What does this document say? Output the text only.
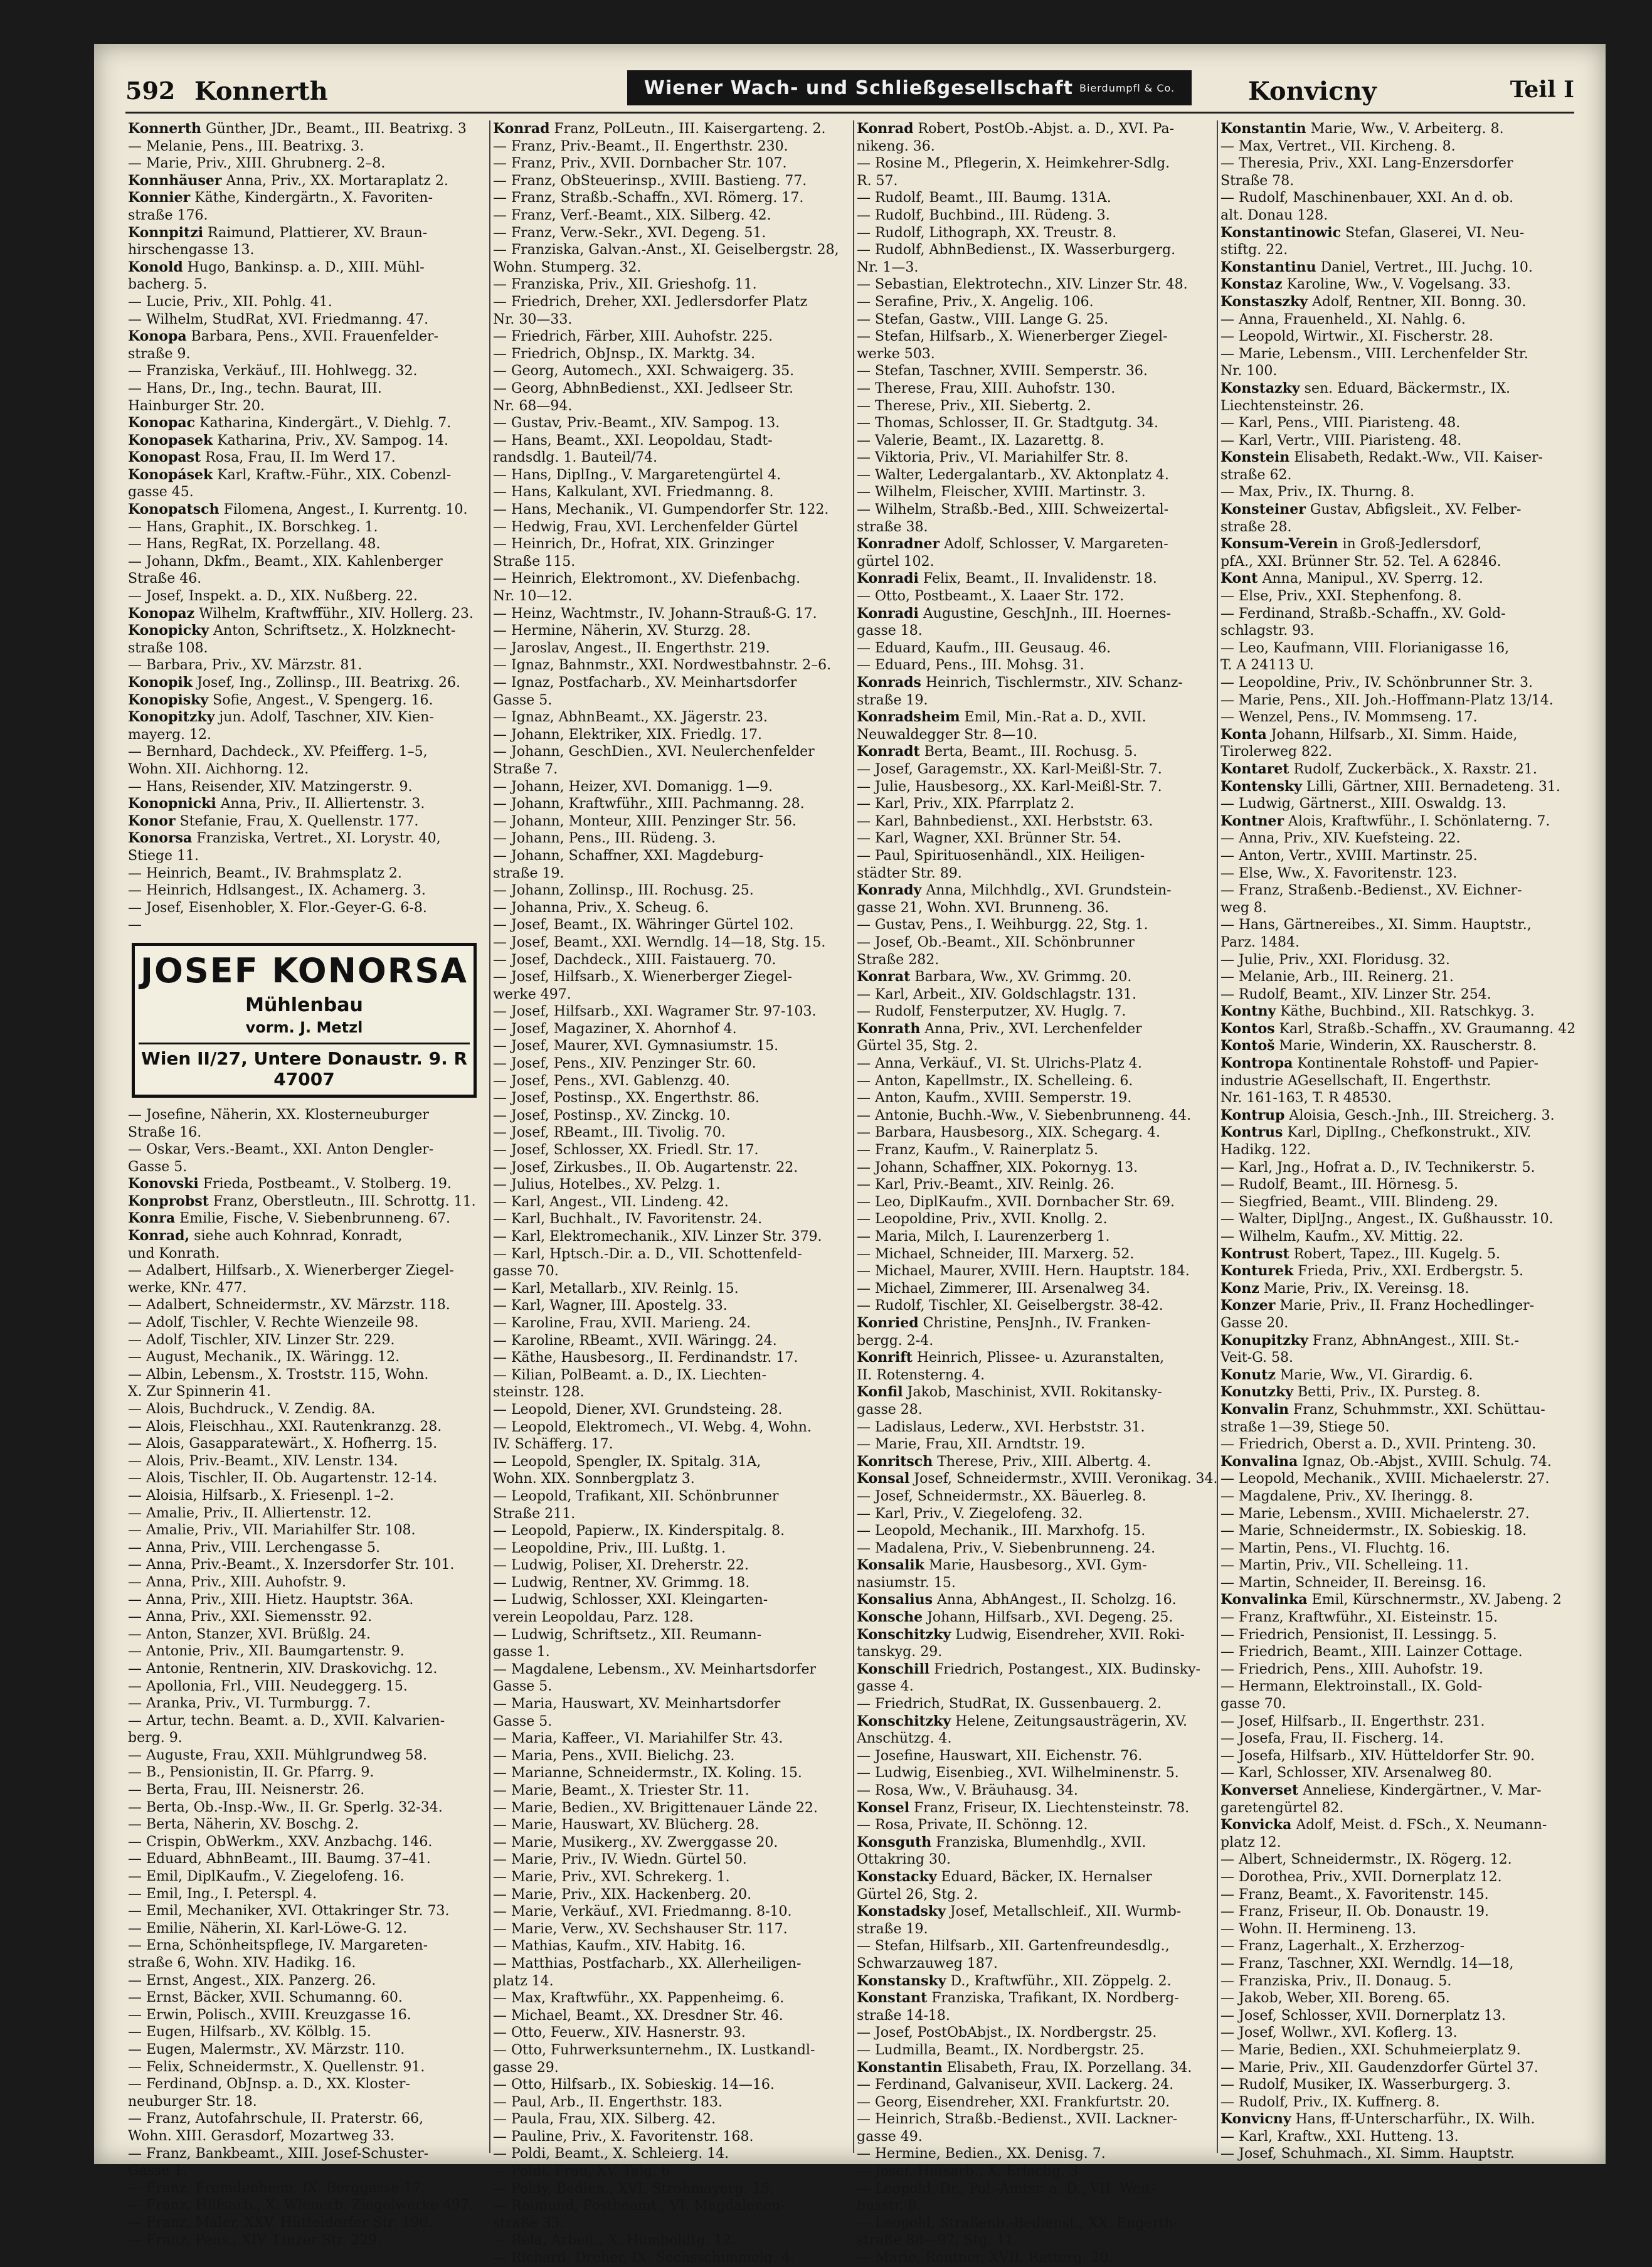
592 Konnerth	Wiener Wach- und Schließgesellschaft Bierdumpfl & Co.	Konvicny	Teil I
Konnerth Günther, JDr., Beamt., III. Beatrixg. 3
— Melanie, Pens., III. Beatrixg. 3.
— Marie, Priv., XIII. Ghrubnerg. 2–8.
Konnhäuser Anna, Priv., XX. Mortaraplatz 2.
Konnier Käthe, Kindergärtn., X. Favoriten-
straße 176.
Konnpitzi Raimund, Plattierer, XV. Braun-
hirschengasse 13.
Konold Hugo, Bankinsp. a. D., XIII. Mühl-
bacherg. 5.
— Lucie, Priv., XII. Pohlg. 41.
— Wilhelm, StudRat, XVI. Friedmanng. 47.
Konopa Barbara, Pens., XVII. Frauenfelder-
straße 9.
— Franziska, Verkäuf., III. Hohlwegg. 32.
— Hans, Dr., Ing., techn. Baurat, III.
Hainburger Str. 20.
Konopac Katharina, Kindergärt., V. Diehlg. 7.
Konopasek Katharina, Priv., XV. Sampog. 14.
Konopast Rosa, Frau, II. Im Werd 17.
Konopásek Karl, Kraftw.-Führ., XIX. Cobenzl-
gasse 45.
Konopatsch Filomena, Angest., I. Kurrentg. 10.
— Hans, Graphit., IX. Borschkeg. 1.
— Hans, RegRat, IX. Porzellang. 48.
— Johann, Dkfm., Beamt., XIX. Kahlenberger
Straße 46.
— Josef, Inspekt. a. D., XIX. Nußberg. 22.
Konopaz Wilhelm, Kraftwfführ., XIV. Hollerg. 23.
Konopicky Anton, Schriftsetz., X. Holzknecht-
straße 108.
— Barbara, Priv., XV. Märzstr. 81.
Konopik Josef, Ing., Zollinsp., III. Beatrixg. 26.
Konopisky Sofie, Angest., V. Spengerg. 16.
Konopitzky jun. Adolf, Taschner, XIV. Kien-
mayerg. 12.
— Bernhard, Dachdeck., XV. Pfeifferg. 1–5,
Wohn. XII. Aichhorng. 12.
— Hans, Reisender, XIV. Matzingerstr. 9.
Konopnicki Anna, Priv., II. Alliertenstr. 3.
Konor Stefanie, Frau, X. Quellenstr. 177.
Konorsa Franziska, Vertret., XI. Lorystr. 40,
Stiege 11.
— Heinrich, Beamt., IV. Brahmsplatz 2.
— Heinrich, Hdlsangest., IX. Achamerg. 3.
— Josef, Eisenhobler, X. Flor.-Geyer-G. 6-8.
—
JOSEF KONORSA
Mühlenbau
vorm. J. Metzl
Wien II/27, Untere Donaustr. 9. R 47007
— Josefine, Näherin, XX. Klosterneuburger
Straße 16.
— Oskar, Vers.-Beamt., XXI. Anton Dengler-
Gasse 5.
Konovski Frieda, Postbeamt., V. Stolberg. 19.
Konprobst Franz, Oberstleutn., III. Schrottg. 11.
Konra Emilie, Fische, V. Siebenbrunneng. 67.
Konrad, siehe auch Kohnrad, Konradt,
und Konrath.
— Adalbert, Hilfsarb., X. Wienerberger Ziegel-
werke, KNr. 477.
— Adalbert, Schneidermstr., XV. Märzstr. 118.
— Adolf, Tischler, V. Rechte Wienzeile 98.
— Adolf, Tischler, XIV. Linzer Str. 229.
— August, Mechanik., IX. Wäringg. 12.
— Albin, Lebensm., X. Troststr. 115, Wohn.
X. Zur Spinnerin 41.
— Alois, Buchdruck., V. Zendig. 8A.
— Alois, Fleischhau., XXI. Rautenkranzg. 28.
— Alois, Gasapparatewärt., X. Hofherrg. 15.
— Alois, Priv.-Beamt., XIV. Lenstr. 134.
— Alois, Tischler, II. Ob. Augartenstr. 12-14.
— Aloisia, Hilfsarb., X. Friesenpl. 1–2.
— Amalie, Priv., II. Alliertenstr. 12.
— Amalie, Priv., VII. Mariahilfer Str. 108.
— Anna, Priv., VIII. Lerchengasse 5.
— Anna, Priv.-Beamt., X. Inzersdorfer Str. 101.
— Anna, Priv., XIII. Auhofstr. 9.
— Anna, Priv., XIII. Hietz. Hauptstr. 36A.
— Anna, Priv., XXI. Siemensstr. 92.
— Anton, Stanzer, XVI. Brüßlg. 24.
— Antonie, Priv., XII. Baumgartenstr. 9.
— Antonie, Rentnerin, XIV. Draskovichg. 12.
— Apollonia, Frl., VIII. Neudeggerg. 15.
— Aranka, Priv., VI. Turmburgg. 7.
— Artur, techn. Beamt. a. D., XVII. Kalvarien-
berg. 9.
— Auguste, Frau, XXII. Mühlgrundweg 58.
— B., Pensionistin, II. Gr. Pfarrg. 9.
— Berta, Frau, III. Neisnerstr. 26.
— Berta, Ob.-Insp.-Ww., II. Gr. Sperlg. 32-34.
— Berta, Näherin, XV. Boschg. 2.
— Crispin, ObWerkm., XXV. Anzbachg. 146.
— Eduard, AbhnBeamt., III. Baumg. 37–41.
— Emil, DiplKaufm., V. Ziegelofeng. 16.
— Emil, Ing., I. Peterspl. 4.
— Emil, Mechaniker, XVI. Ottakringer Str. 73.
— Emilie, Näherin, XI. Karl-Löwe-G. 12.
— Erna, Schönheitspflege, IV. Margareten-
straße 6, Wohn. XIV. Hadikg. 16.
— Ernst, Angest., XIX. Panzerg. 26.
— Ernst, Bäcker, XVII. Schumanng. 60.
— Erwin, Polisch., XVIII. Kreuzgasse 16.
— Eugen, Hilfsarb., XV. Kölblg. 15.
— Eugen, Malermstr., XV. Märzstr. 110.
— Felix, Schneidermstr., X. Quellenstr. 91.
— Ferdinand, ObJnsp. a. D., XX. Kloster-
neuburger Str. 18.
— Franz, Autofahrschule, II. Praterstr. 66,
Wohn. XIII. Gerasdorf, Mozartweg 33.
— Franz, Bankbeamt., XIII. Josef-Schuster-
Gasse 1.
— Franz, Fremdenheim, IX. Berggasse 17.
— Franz, Hilfsarb., X. Wienerb. Ziegelwerke 497.
— Franz, Maler, XXV. Hütteldorfer Str. 196.
— Franz, Pens., XIV. Linzer Str. 229.
Konrad Franz, PolLeutn., III. Kaisergarteng. 2.
— Franz, Priv.-Beamt., II. Engerthstr. 230.
— Franz, Priv., XVII. Dornbacher Str. 107.
— Franz, ObSteuerinsp., XVIII. Bastieng. 77.
— Franz, Straßb.-Schaffn., XVI. Römerg. 17.
— Franz, Verf.-Beamt., XIX. Silberg. 42.
— Franz, Verw.-Sekr., XVI. Degeng. 51.
— Franziska, Galvan.-Anst., XI. Geiselbergstr. 28,
Wohn. Stumperg. 32.
— Franziska, Priv., XII. Grieshofg. 11.
— Friedrich, Dreher, XXI. Jedlersdorfer Platz
Nr. 30—33.
— Friedrich, Färber, XIII. Auhofstr. 225.
— Friedrich, ObJnsp., IX. Marktg. 34.
— Georg, Automech., XXI. Schwaigerg. 35.
— Georg, AbhnBedienst., XXI. Jedlseer Str.
Nr. 68—94.
— Gustav, Priv.-Beamt., XIV. Sampog. 13.
— Hans, Beamt., XXI. Leopoldau, Stadt-
randsdlg. 1. Bauteil/74.
— Hans, DiplIng., V. Margaretengürtel 4.
— Hans, Kalkulant, XVI. Friedmanng. 8.
— Hans, Mechanik., VI. Gumpendorfer Str. 122.
— Hedwig, Frau, XVI. Lerchenfelder Gürtel
— Heinrich, Dr., Hofrat, XIX. Grinzinger
Straße 115.
— Heinrich, Elektromont., XV. Diefenbachg.
Nr. 10—12.
— Heinz, Wachtmstr., IV. Johann-Strauß-G. 17.
— Hermine, Näherin, XV. Sturzg. 28.
— Jaroslav, Angest., II. Engerthstr. 219.
— Ignaz, Bahnmstr., XXI. Nordwestbahnstr. 2–6.
— Ignaz, Postfacharb., XV. Meinhartsdorfer
Gasse 5.
— Ignaz, AbhnBeamt., XX. Jägerstr. 23.
— Johann, Elektriker, XIX. Friedlg. 17.
— Johann, GeschDien., XVI. Neulerchenfelder
Straße 7.
— Johann, Heizer, XVI. Domanigg. 1—9.
— Johann, Kraftwführ., XIII. Pachmanng. 28.
— Johann, Monteur, XIII. Penzinger Str. 56.
— Johann, Pens., III. Rüdeng. 3.
— Johann, Schaffner, XXI. Magdeburg-
straße 19.
— Johann, Zollinsp., III. Rochusg. 25.
— Johanna, Priv., X. Scheug. 6.
— Josef, Beamt., IX. Währinger Gürtel 102.
— Josef, Beamt., XXI. Werndlg. 14—18, Stg. 15.
— Josef, Dachdeck., XIII. Faistauerg. 70.
— Josef, Hilfsarb., X. Wienerberger Ziegel-
werke 497.
— Josef, Hilfsarb., XXI. Wagramer Str. 97-103.
— Josef, Magaziner, X. Ahornhof 4.
— Josef, Maurer, XVI. Gymnasiumstr. 15.
— Josef, Pens., XIV. Penzinger Str. 60.
— Josef, Pens., XVI. Gablenzg. 40.
— Josef, Postinsp., XX. Engerthstr. 86.
— Josef, Postinsp., XV. Zinckg. 10.
— Josef, RBeamt., III. Tivolig. 70.
— Josef, Schlosser, XX. Friedl. Str. 17.
— Josef, Zirkusbes., II. Ob. Augartenstr. 22.
— Julius, Hotelbes., XV. Pelzg. 1.
— Karl, Angest., VII. Lindeng. 42.
— Karl, Buchhalt., IV. Favoritenstr. 24.
— Karl, Elektromechanik., XIV. Linzer Str. 379.
— Karl, Hptsch.-Dir. a. D., VII. Schottenfeld-
gasse 70.
— Karl, Metallarb., XIV. Reinlg. 15.
— Karl, Wagner, III. Apostelg. 33.
— Karoline, Frau, XVII. Marieng. 24.
— Karoline, RBeamt., XVII. Wäringg. 24.
— Käthe, Hausbesorg., II. Ferdinandstr. 17.
— Kilian, PolBeamt. a. D., IX. Liechten-
steinstr. 128.
— Leopold, Diener, XVI. Grundsteing. 28.
— Leopold, Elektromech., VI. Webg. 4, Wohn.
IV. Schäfferg. 17.
— Leopold, Spengler, IX. Spitalg. 31A,
Wohn. XIX. Sonnbergplatz 3.
— Leopold, Trafikant, XII. Schönbrunner
Straße 211.
— Leopold, Papierw., IX. Kinderspitalg. 8.
— Leopoldine, Priv., III. Lußtg. 1.
— Ludwig, Poliser, XI. Dreherstr. 22.
— Ludwig, Rentner, XV. Grimmg. 18.
— Ludwig, Schlosser, XXI. Kleingarten-
verein Leopoldau, Parz. 128.
— Ludwig, Schriftsetz., XII. Reumann-
gasse 1.
— Magdalene, Lebensm., XV. Meinhartsdorfer
Gasse 5.
— Maria, Hauswart, XV. Meinhartsdorfer
Gasse 5.
— Maria, Kaffeer., VI. Mariahilfer Str. 43.
— Maria, Pens., XVII. Bielichg. 23.
— Marianne, Schneidermstr., IX. Koling. 15.
— Marie, Beamt., X. Triester Str. 11.
— Marie, Bedien., XV. Brigittenauer Lände 22.
— Marie, Hauswart, XV. Blücherg. 28.
— Marie, Musikerg., XV. Zwerggasse 20.
— Marie, Priv., IV. Wiedn. Gürtel 50.
— Marie, Priv., XVI. Schrekerg. 1.
— Marie, Priv., XIX. Hackenberg. 20.
— Marie, Verkäuf., XVI. Friedmanng. 8-10.
— Marie, Verw., XV. Sechshauser Str. 117.
— Mathias, Kaufm., XIV. Habitg. 16.
— Matthias, Postfacharb., XX. Allerheiligen-
platz 14.
— Max, Kraftwführ., XX. Pappenheimg. 6.
— Michael, Beamt., XX. Dresdner Str. 46.
— Otto, Feuerw., XIV. Hasnerstr. 93.
— Otto, Fuhrwerksunternehm., IX. Lustkandl-
gasse 29.
— Otto, Hilfsarb., IX. Sobieskig. 14—16.
— Paul, Arb., II. Engerthstr. 183.
— Paula, Frau, XIX. Silberg. 42.
— Pauline, Priv., X. Favoritenstr. 168.
— Poldi, Beamt., X. Schleierg. 14.
— Poldi, Frau, XV. Talg. 6.
— Poldy, Bedien., XVI. Strohmayerg. 15.
— Raimund, Postbeamt., VI. Magdalenen-
straße 33.
— Rela, Arbeit., X. Humboldtg. 12.
— Richard, Dreher, IX. Sechsschimmelg. 4.
Konrad Robert, PostOb.-Abjst. a. D., XVI. Pa-
nikeng. 36.
— Rosine M., Pflegerin, X. Heimkehrer-Sdlg.
R. 57.
— Rudolf, Beamt., III. Baumg. 131A.
— Rudolf, Buchbind., III. Rüdeng. 3.
— Rudolf, Lithograph, XX. Treustr. 8.
— Rudolf, AbhnBedienst., IX. Wasserburgerg.
Nr. 1—3.
— Sebastian, Elektrotechn., XIV. Linzer Str. 48.
— Serafine, Priv., X. Angelig. 106.
— Stefan, Gastw., VIII. Lange G. 25.
— Stefan, Hilfsarb., X. Wienerberger Ziegel-
werke 503.
— Stefan, Taschner, XVIII. Semperstr. 36.
— Therese, Frau, XIII. Auhofstr. 130.
— Therese, Priv., XII. Siebertg. 2.
— Thomas, Schlosser, II. Gr. Stadtgutg. 34.
— Valerie, Beamt., IX. Lazarettg. 8.
— Viktoria, Priv., VI. Mariahilfer Str. 8.
— Walter, Ledergalantarb., XV. Aktonplatz 4.
— Wilhelm, Fleischer, XVIII. Martinstr. 3.
— Wilhelm, Straßb.-Bed., XIII. Schweizertal-
straße 38.
Konradner Adolf, Schlosser, V. Margareten-
gürtel 102.
Konradi Felix, Beamt., II. Invalidenstr. 18.
— Otto, Postbeamt., X. Laaer Str. 172.
Konradi Augustine, GeschJnh., III. Hoernes-
gasse 18.
— Eduard, Kaufm., III. Geusaug. 46.
— Eduard, Pens., III. Mohsg. 31.
Konrads Heinrich, Tischlermstr., XIV. Schanz-
straße 19.
Konradsheim Emil, Min.-Rat a. D., XVII.
Neuwaldegger Str. 8—10.
Konradt Berta, Beamt., III. Rochusg. 5.
— Josef, Garagemstr., XX. Karl-Meißl-Str. 7.
— Julie, Hausbesorg., XX. Karl-Meißl-Str. 7.
— Karl, Priv., XIX. Pfarrplatz 2.
— Karl, Bahnbedienst., XXI. Herbststr. 63.
— Karl, Wagner, XXI. Brünner Str. 54.
— Paul, Spirituosenhändl., XIX. Heiligen-
städter Str. 89.
Konrady Anna, Milchhdlg., XVI. Grundstein-
gasse 21, Wohn. XVI. Brunneng. 36.
— Gustav, Pens., I. Weihburgg. 22, Stg. 1.
— Josef, Ob.-Beamt., XII. Schönbrunner
Straße 282.
Konrat Barbara, Ww., XV. Grimmg. 20.
— Karl, Arbeit., XIV. Goldschlagstr. 131.
— Rudolf, Fensterputzer, XV. Huglg. 7.
Konrath Anna, Priv., XVI. Lerchenfelder
Gürtel 35, Stg. 2.
— Anna, Verkäuf., VI. St. Ulrichs-Platz 4.
— Anton, Kapellmstr., IX. Schelleing. 6.
— Anton, Kaufm., XVIII. Semperstr. 19.
— Antonie, Buchh.-Ww., V. Siebenbrunneng. 44.
— Barbara, Hausbesorg., XIX. Schegarg. 4.
— Franz, Kaufm., V. Rainerplatz 5.
— Johann, Schaffner, XIX. Pokornyg. 13.
— Karl, Priv.-Beamt., XIV. Reinlg. 26.
— Leo, DiplKaufm., XVII. Dornbacher Str. 69.
— Leopoldine, Priv., XVII. Knollg. 2.
— Maria, Milch, I. Laurenzerberg 1.
— Michael, Schneider, III. Marxerg. 52.
— Michael, Maurer, XVIII. Hern. Hauptstr. 184.
— Michael, Zimmerer, III. Arsenalweg 34.
— Rudolf, Tischler, XI. Geiselbergstr. 38-42.
Konried Christine, PensJnh., IV. Franken-
bergg. 2-4.
Konrift Heinrich, Plissee- u. Azuranstalten,
II. Rotensterng. 4.
Konfil Jakob, Maschinist, XVII. Rokitansky-
gasse 28.
— Ladislaus, Lederw., XVI. Herbststr. 31.
— Marie, Frau, XII. Arndtstr. 19.
Konritsch Therese, Priv., XIII. Albertg. 4.
Konsal Josef, Schneidermstr., XVIII. Veronikag. 34.
— Josef, Schneidermstr., XX. Bäuerleg. 8.
— Karl, Priv., V. Ziegelofeng. 32.
— Leopold, Mechanik., III. Marxhofg. 15.
— Madalena, Priv., V. Siebenbrunneng. 24.
Konsalik Marie, Hausbesorg., XVI. Gym-
nasiumstr. 15.
Konsalius Anna, AbhAngest., II. Scholzg. 16.
Konsche Johann, Hilfsarb., XVI. Degeng. 25.
Konschitzky Ludwig, Eisendreher, XVII. Roki-
tanskyg. 29.
Konschill Friedrich, Postangest., XIX. Budinsky-
gasse 4.
— Friedrich, StudRat, IX. Gussenbauerg. 2.
Konschitzky Helene, Zeitungsausträgerin, XV.
Anschützg. 4.
— Josefine, Hauswart, XII. Eichenstr. 76.
— Ludwig, Eisenbieg., XVI. Wilhelminenstr. 5.
— Rosa, Ww., V. Bräuhausg. 34.
Konsel Franz, Friseur, IX. Liechtensteinstr. 78.
— Rosa, Private, II. Schönng. 12.
Konsguth Franziska, Blumenhdlg., XVII.
Ottakring 30.
Konstacky Eduard, Bäcker, IX. Hernalser
Gürtel 26, Stg. 2.
Konstadsky Josef, Metallschleif., XII. Wurmb-
straße 19.
— Stefan, Hilfsarb., XII. Gartenfreundesdlg.,
Schwarzauweg 187.
Konstansky D., Kraftwführ., XII. Zöppelg. 2.
Konstant Franziska, Trafikant, IX. Nordberg-
straße 14-18.
— Josef, PostObAbjst., IX. Nordbergstr. 25.
— Ludmilla, Beamt., IX. Nordbergstr. 25.
Konstantin Elisabeth, Frau, IX. Porzellang. 34.
— Ferdinand, Galvaniseur, XVII. Lackerg. 24.
— Georg, Eisendreher, XXI. Frankfurtstr. 20.
— Heinrich, Straßb.-Bedienst., XVII. Lackner-
gasse 49.
— Hermine, Bedien., XX. Denisg. 7.
— Josef, Hilfsarb., X. Erlachg. 3.
— Leopold, Dr., Pol.-Amtsr. a. D., VII. Weit-
busstr. 8.
— Leopold, Straßenb.-Bedienst., XX. Engerth-
straße 88—97, Stg. 11.
— Marie, Rentner, XVII. Ratterg. 20.
Konstantin Marie, Ww., V. Arbeiterg. 8.
— Max, Vertret., VII. Kircheng. 8.
— Theresia, Priv., XXI. Lang-Enzersdorfer
Straße 78.
— Rudolf, Maschinenbauer, XXI. An d. ob.
alt. Donau 128.
Konstantinowic Stefan, Glaserei, VI. Neu-
stiftg. 22.
Konstantinu Daniel, Vertret., III. Juchg. 10.
Konstaz Karoline, Ww., V. Vogelsang. 33.
Konstaszky Adolf, Rentner, XII. Bonng. 30.
— Anna, Frauenheld., XI. Nahlg. 6.
— Leopold, Wirtwir., XI. Fischerstr. 28.
— Marie, Lebensm., VIII. Lerchenfelder Str.
Nr. 100.
Konstazky sen. Eduard, Bäckermstr., IX.
Liechtensteinstr. 26.
— Karl, Pens., VIII. Piaristeng. 48.
— Karl, Vertr., VIII. Piaristeng. 48.
Konstein Elisabeth, Redakt.-Ww., VII. Kaiser-
straße 62.
— Max, Priv., IX. Thurng. 8.
Konsteiner Gustav, Abfigsleit., XV. Felber-
straße 28.
Konsum-Verein in Groß-Jedlersdorf,
pfA., XXI. Brünner Str. 52. Tel. A 62846.
Kont Anna, Manipul., XV. Sperrg. 12.
— Else, Priv., XXI. Stephenfong. 8.
— Ferdinand, Straßb.-Schaffn., XV. Gold-
schlagstr. 93.
— Leo, Kaufmann, VIII. Florianigasse 16,
T. A 24113 U.
— Leopoldine, Priv., IV. Schönbrunner Str. 3.
— Marie, Pens., XII. Joh.-Hoffmann-Platz 13/14.
— Wenzel, Pens., IV. Mommseng. 17.
Konta Johann, Hilfsarb., XI. Simm. Haide,
Tirolerweg 822.
Kontaret Rudolf, Zuckerbäck., X. Raxstr. 21.
Kontensky Lilli, Gärtner, XIII. Bernadeteng. 31.
— Ludwig, Gärtnerst., XIII. Oswaldg. 13.
Kontner Alois, Kraftwführ., I. Schönlaterng. 7.
— Anna, Priv., XIV. Kuefsteing. 22.
— Anton, Vertr., XVIII. Martinstr. 25.
— Else, Ww., X. Favoritenstr. 123.
— Franz, Straßenb.-Bedienst., XV. Eichner-
weg 8.
— Hans, Gärtnereibes., XI. Simm. Hauptstr.,
Parz. 1484.
— Julie, Priv., XXI. Floridusg. 32.
— Melanie, Arb., III. Reinerg. 21.
— Rudolf, Beamt., XIV. Linzer Str. 254.
Kontny Käthe, Buchbind., XII. Ratschkyg. 3.
Kontos Karl, Straßb.-Schaffn., XV. Graumanng. 42
Kontoš Marie, Winderin, XX. Rauscherstr. 8.
Kontropa Kontinentale Rohstoff- und Papier-
industrie AGesellschaft, II. Engerthstr.
Nr. 161-163, T. R 48530.
Kontrup Aloisia, Gesch.-Jnh., III. Streicherg. 3.
Kontrus Karl, DiplIng., Chefkonstrukt., XIV.
Hadikg. 122.
— Karl, Jng., Hofrat a. D., IV. Technikerstr. 5.
— Rudolf, Beamt., III. Hörnesg. 5.
— Siegfried, Beamt., VIII. Blindeng. 29.
— Walter, DiplJng., Angest., IX. Gußhausstr. 10.
— Wilhelm, Kaufm., XV. Mittig. 22.
Kontrust Robert, Tapez., III. Kugelg. 5.
Konturek Frieda, Priv., XXI. Erdbergstr. 5.
Konz Marie, Priv., IX. Vereinsg. 18.
Konzer Marie, Priv., II. Franz Hochedlinger-
Gasse 20.
Konupitzky Franz, AbhnAngest., XIII. St.-
Veit-G. 58.
Konutz Marie, Ww., VI. Girardig. 6.
Konutzky Betti, Priv., IX. Pursteg. 8.
Konvalin Franz, Schuhmmstr., XXI. Schüttau-
straße 1—39, Stiege 50.
— Friedrich, Oberst a. D., XVII. Printeng. 30.
Konvalina Ignaz, Ob.-Abjst., XVIII. Schulg. 74.
— Leopold, Mechanik., XVIII. Michaelerstr. 27.
— Magdalene, Priv., XV. Iheringg. 8.
— Marie, Lebensm., XVIII. Michaelerstr. 27.
— Marie, Schneidermstr., IX. Sobieskig. 18.
— Martin, Pens., VI. Fluchtg. 16.
— Martin, Priv., VII. Schelleing. 11.
— Martin, Schneider, II. Bereinsg. 16.
Konvalinka Emil, Kürschnermstr., XV. Jabeng. 2
— Franz, Kraftwführ., XI. Eisteinstr. 15.
— Friedrich, Pensionist, II. Lessingg. 5.
— Friedrich, Beamt., XIII. Lainzer Cottage.
— Friedrich, Pens., XIII. Auhofstr. 19.
— Hermann, Elektroinstall., IX. Gold-
gasse 70.
— Josef, Hilfsarb., II. Engerthstr. 231.
— Josefa, Frau, II. Fischerg. 14.
— Josefa, Hilfsarb., XIV. Hütteldorfer Str. 90.
— Karl, Schlosser, XIV. Arsenalweg 80.
Konverset Anneliese, Kindergärtner., V. Mar-
garetengürtel 82.
Konvicka Adolf, Meist. d. FSch., X. Neumann-
platz 12.
— Albert, Schneidermstr., IX. Rögerg. 12.
— Dorothea, Priv., XVII. Dornerplatz 12.
— Franz, Beamt., X. Favoritenstr. 145.
— Franz, Friseur, II. Ob. Donaustr. 19.
— Wohn. II. Hermineng. 13.
— Franz, Lagerhalt., X. Erzherzog-
— Franz, Taschner, XXI. Werndlg. 14—18,
— Franziska, Priv., II. Donaug. 5.
— Jakob, Weber, XII. Boreng. 65.
— Josef, Schlosser, XVII. Dornerplatz 13.
— Josef, Wollwr., XVI. Koflerg. 13.
— Marie, Bedien., XXI. Schuhmeierplatz 9.
— Marie, Priv., XII. Gaudenzdorfer Gürtel 37.
— Rudolf, Musiker, IX. Wasserburgerg. 3.
— Rudolf, Priv., IX. Kuffnerg. 8.
Konvicny Hans, ff-Unterscharführ., IX. Wilh.
— Karl, Kraftw., XXI. Hutteng. 13.
— Josef, Schuhmach., XI. Simm. Hauptstr.
